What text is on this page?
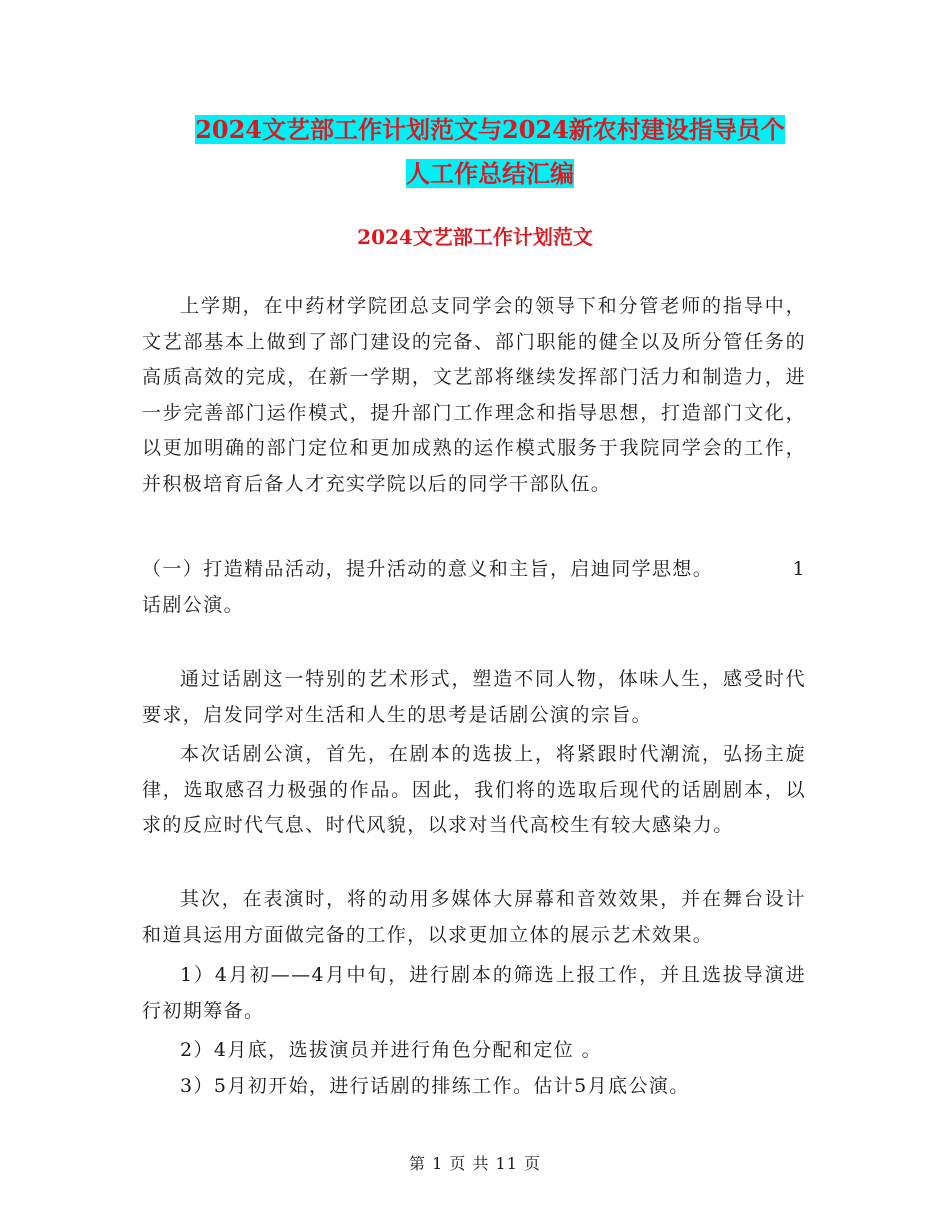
2024文艺部工作计划范文与2024新农村建设指导员个
人工作总结汇编
2024文艺部工作计划范文
上学期，在中药材学院团总支同学会的领导下和分管老师的指导中，文艺部基本上做到了部门建设的完备、部门职能的健全以及所分管任务的高质高效的完成，在新一学期，文艺部将继续发挥部门活力和制造力，进一步完善部门运作模式，提升部门工作理念和指导思想，打造部门文化，以更加明确的部门定位和更加成熟的运作模式服务于我院同学会的工作，并积极培育后备人才充实学院以后的同学干部队伍。
1
（一）打造精品活动，提升活动的意义和主旨，启迪同学思想。
话剧公演。
通过话剧这一特别的艺术形式，塑造不同人物，体味人生，感受时代要求，启发同学对生活和人生的思考是话剧公演的宗旨。
本次话剧公演，首先，在剧本的选拔上，将紧跟时代潮流，弘扬主旋律，选取感召力极强的作品。因此，我们将的选取后现代的话剧剧本，以求的反应时代气息、时代风貌，以求对当代高校生有较大感染力。
其次，在表演时，将的动用多媒体大屏幕和音效效果，并在舞台设计和道具运用方面做完备的工作，以求更加立体的展示艺术效果。
1）4月初——4月中旬，进行剧本的筛选上报工作，并且选拔导演进行初期筹备。
2）4月底，选拔演员并进行角色分配和定位 。
3）5月初开始，进行话剧的排练工作。估计5月底公演。
第 1 页 共 11 页
